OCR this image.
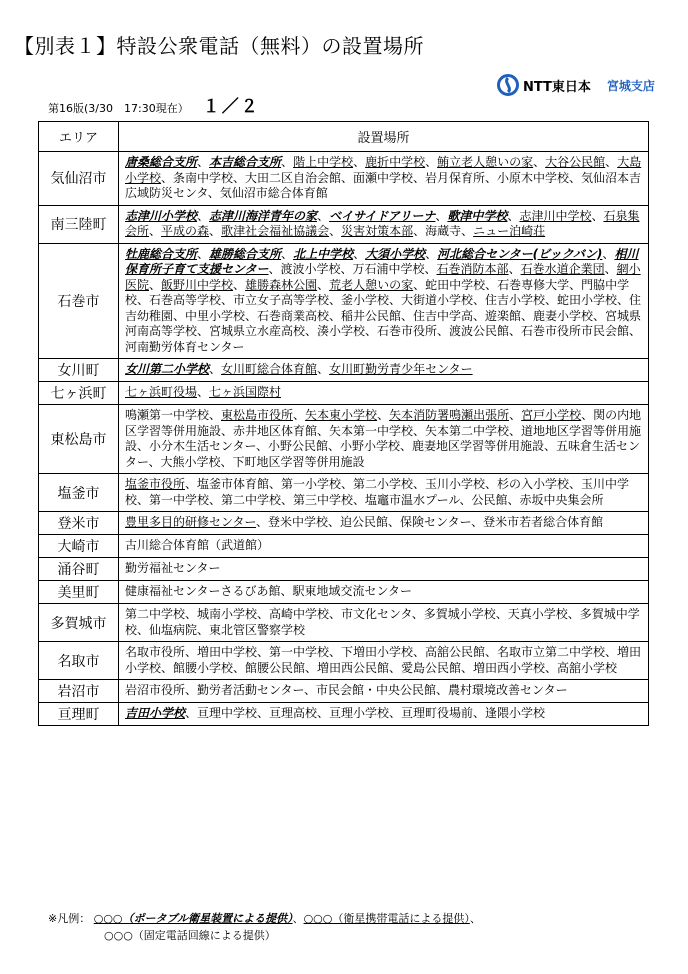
【別表１】特設公衆電話（無料）の設置場所
第16版(3/30　17:30現在） １／２
NTT東日本 宮城支店
エリア	設置場所
気仙沼市	唐桑総合支所、本吉総合支所、階上中学校、鹿折中学校、鮪立老人憩いの家、大谷公民館、大島小学校、条南中学校、大田二区自治会館、面瀬中学校、岩月保育所、小原木中学校、気仙沼本吉広域防災センタ、気仙沼市総合体育館
南三陸町	志津川小学校、志津川海洋青年の家、ベイサイドアリーナ、歌津中学校、志津川中学校、石泉集会所、平成の森、歌津社会福祉協議会、災害対策本部、海蔵寺、ニュー泊崎荘
石巻市	牡鹿総合支所、雄勝総合支所、北上中学校、大須小学校、河北総合センター(ビックバン)、相川保育所子育て支援センター、渡波小学校、万石浦中学校、石巻消防本部、石巻水道企業団、網小医院、飯野川中学校、雄勝森林公園、荒老人憩いの家、蛇田中学校、石巻専修大学、門脇中学校、石巻高等学校、市立女子高等学校、釜小学校、大街道小学校、住吉小学校、蛇田小学校、住吉幼稚園、中里小学校、石巻商業高校、稲井公民館、住吉中学高、遊楽館、鹿妻小学校、宮城県河南高等学校、宮城県立水産高校、湊小学校、石巻市役所、渡波公民館、石巻市役所市民会館、河南勤労体育センター
女川町	女川第二小学校、女川町総合体育館、女川町勤労青少年センター
七ヶ浜町	七ヶ浜町役場、七ヶ浜国際村
東松島市	鳴瀬第一中学校、東松島市役所、矢本東小学校、矢本消防署鳴瀬出張所、宮戸小学校、関の内地区学習等併用施設、赤井地区体育館、矢本第一中学校、矢本第二中学校、道地地区学習等併用施設、小分木生活センター、小野公民館、小野小学校、鹿妻地区学習等併用施設、五味倉生活センター、大熊小学校、下町地区学習等併用施設
塩釜市	塩釜市役所、塩釜市体育館、第一小学校、第二小学校、玉川小学校、杉の入小学校、玉川中学校、第一中学校、第二中学校、第三中学校、塩竈市温水プール、公民館、赤坂中央集会所
登米市	豊里多目的研修センター、登米中学校、迫公民館、保険センター、登米市若者総合体育館
大崎市	古川総合体育館（武道館）
涌谷町	勤労福祉センター
美里町	健康福祉センターさるびあ館、駅東地域交流センター
多賀城市	第二中学校、城南小学校、高崎中学校、市文化センタ、多賀城小学校、天真小学校、多賀城中学校、仙塩病院、東北管区警察学校
名取市	名取市役所、増田中学校、第一中学校、下増田小学校、高舘公民館、名取市立第二中学校、増田小学校、館腰小学校、館腰公民館、増田西公民館、愛島公民館、増田西小学校、高舘小学校
岩沼市	岩沼市役所、勤労者活動センター、市民会館・中央公民館、農村環境改善センター
亘理町	吉田小学校、亘理中学校、亘理高校、亘理小学校、亘理町役場前、逢隈小学校
※凡例： ○○○（ポータブル衛星装置による提供）、○○○（衛星携帯電話による提供）、
○○○（固定電話回線による提供）
